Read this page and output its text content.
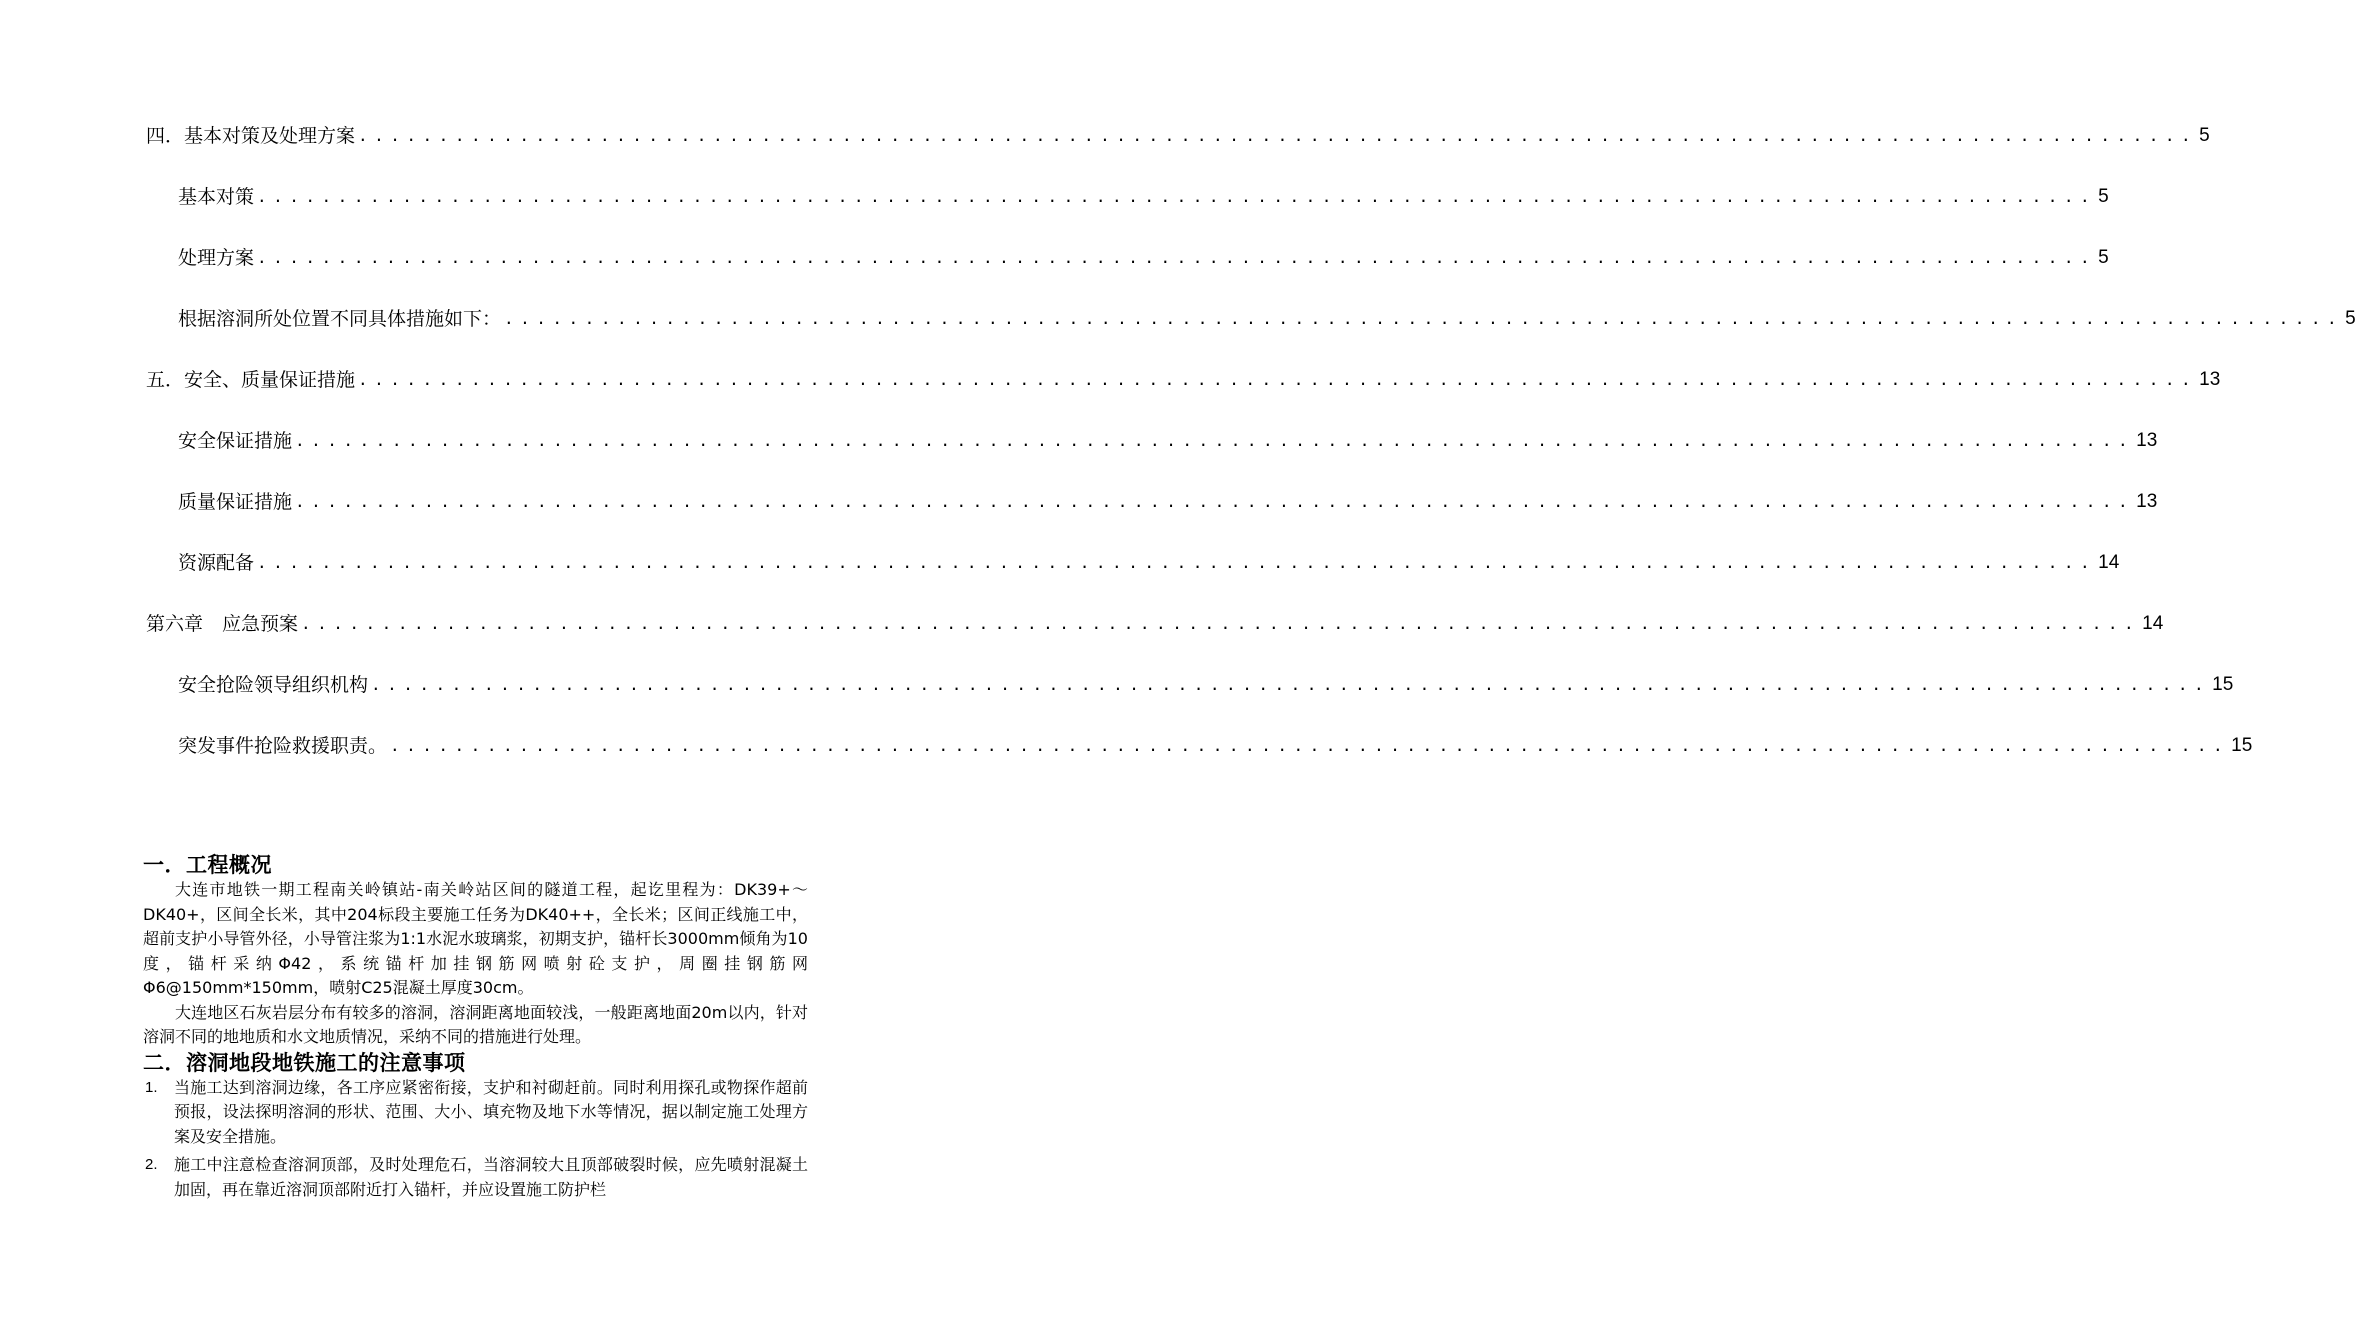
四．基本对策及处理方案 .................................................................................................................. 5
基本对策 .................................................................................................................. 5
处理方案 .................................................................................................................. 5
根据溶洞所处位置不同具体措施如下： .................................................................................................................. 5
五．安全、质量保证措施 .................................................................................................................. 13
安全保证措施 .................................................................................................................. 13
质量保证措施 .................................................................................................................. 13
资源配备 .................................................................................................................. 14
第六章　应急预案 .................................................................................................................. 14
安全抢险领导组织机构 .................................................................................................................. 15
突发事件抢险救援职责。 .................................................................................................................. 15
一．工程概况

大连市地铁一期工程南关岭镇站-南关岭站区间的隧道工程，起讫里程为：DK39+～DK40+，区间全长米，其中204标段主要施工任务为DK40++，全长米；区间正线施工中，超前支护小导管外径，小导管注浆为1:1水泥水玻璃浆，初期支护，锚杆长3000mm倾角为10度，锚杆采纳Φ42，系统锚杆加挂钢筋网喷射砼支护，周圈挂钢筋网Φ6@150mm*150mm，喷射C25混凝土厚度30cm。

大连地区石灰岩层分布有较多的溶洞，溶洞距离地面较浅，一般距离地面20m以内，针对溶洞不同的地地质和水文地质情况，采纳不同的措施进行处理。

二．溶洞地段地铁施工的注意事项
1. 当施工达到溶洞边缘，各工序应紧密衔接，支护和衬砌赶前。同时利用探孔或物探作超前预报，设法探明溶洞的形状、范围、大小、填充物及地下水等情况，据以制定施工处理方案及安全措施。
2. 施工中注意检查溶洞顶部，及时处理危石，当溶洞较大且顶部破裂时候，应先喷射混凝土加固，再在靠近溶洞顶部附近打入锚杆，并应设置施工防护栏
